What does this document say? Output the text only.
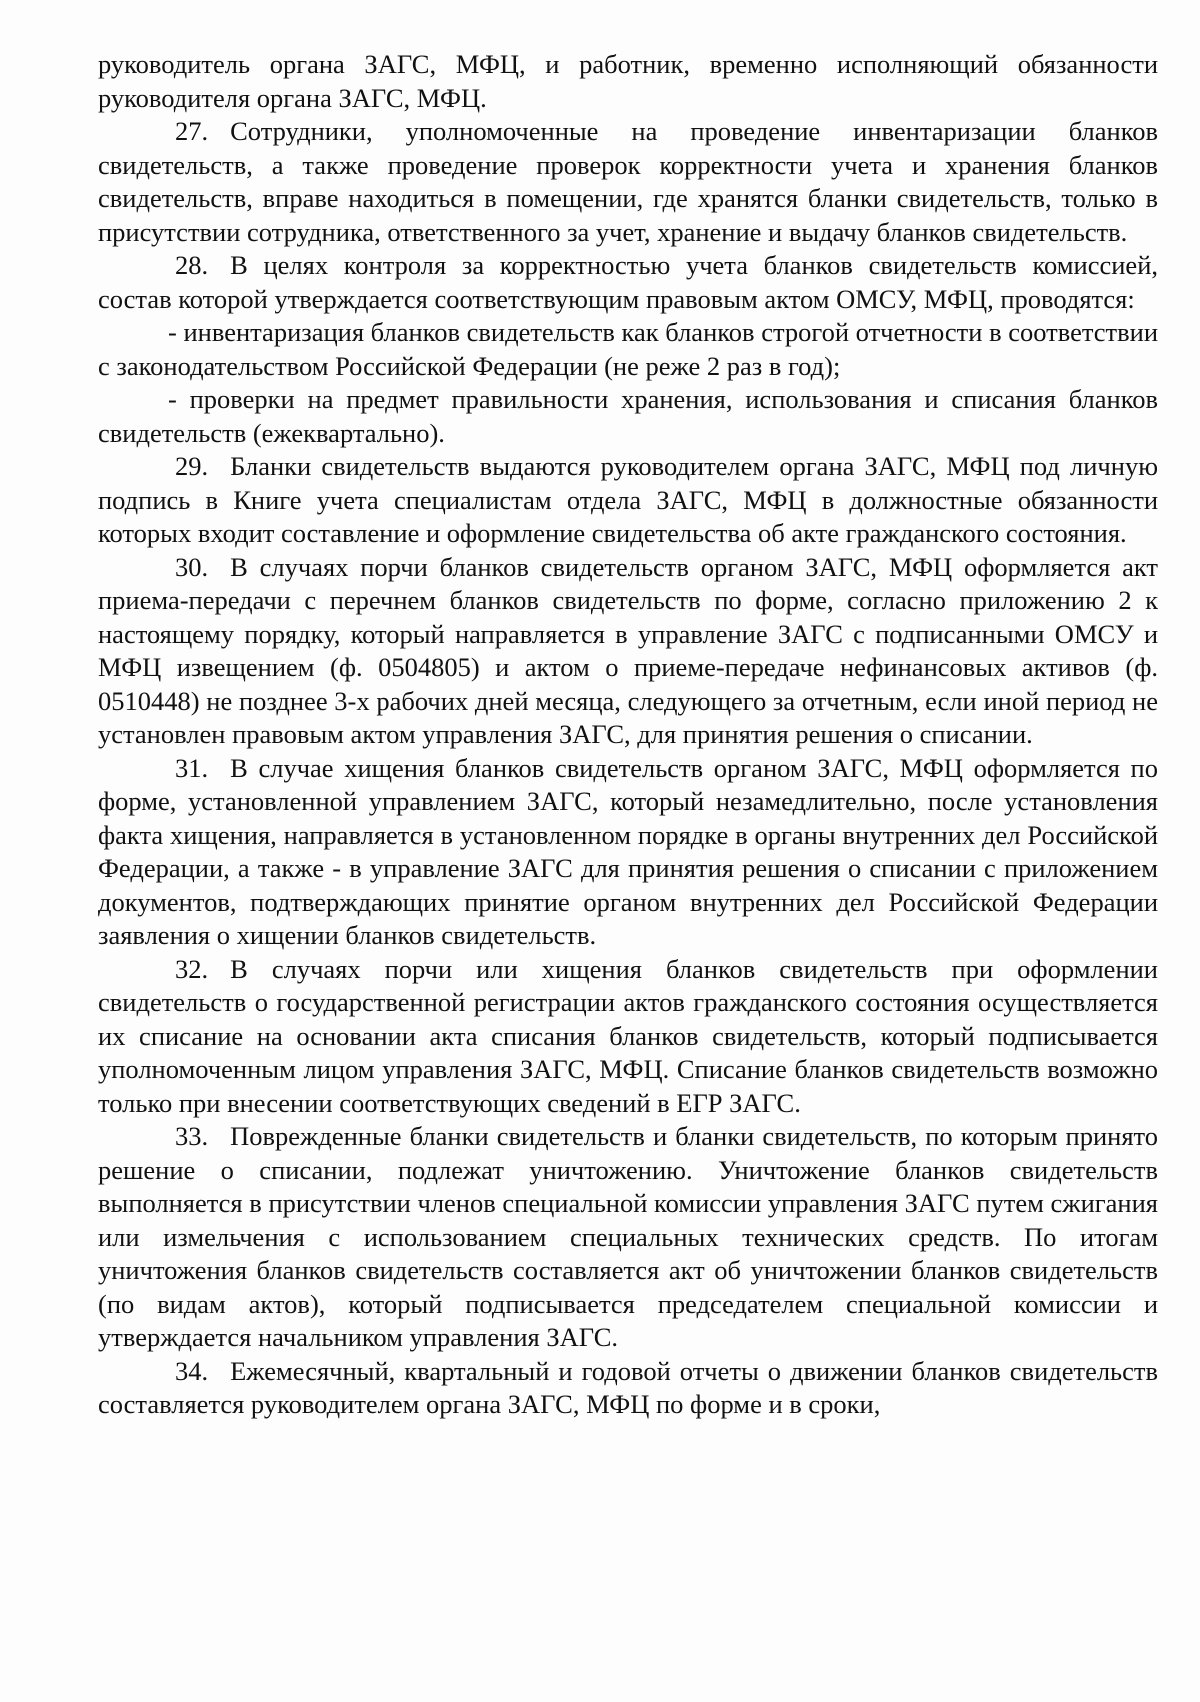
руководитель органа ЗАГС, МФЦ, и работник, временно исполняющий обязанности руководителя органа ЗАГС, МФЦ.

27. Сотрудники, уполномоченные на проведение инвентаризации бланков свидетельств, а также проведение проверок корректности учета и хранения бланков свидетельств, вправе находиться в помещении, где хранятся бланки свидетельств, только в присутствии сотрудника, ответственного за учет, хранение и выдачу бланков свидетельств.

28. В целях контроля за корректностью учета бланков свидетельств комиссией, состав которой утверждается соответствующим правовым актом ОМСУ, МФЦ, проводятся:

- инвентаризация бланков свидетельств как бланков строгой отчетности в соответствии с законодательством Российской Федерации (не реже 2 раз в год);

- проверки на предмет правильности хранения, использования и списания бланков свидетельств (ежеквартально).

29. Бланки свидетельств выдаются руководителем органа ЗАГС, МФЦ под личную подпись в Книге учета специалистам отдела ЗАГС, МФЦ в должностные обязанности которых входит составление и оформление свидетельства об акте гражданского состояния.

30. В случаях порчи бланков свидетельств органом ЗАГС, МФЦ оформляется акт приема-передачи с перечнем бланков свидетельств по форме, согласно приложению 2 к настоящему порядку, который направляется в управление ЗАГС с подписанными ОМСУ и МФЦ извещением (ф. 0504805) и актом о приеме-передаче нефинансовых активов (ф. 0510448) не позднее 3-х рабочих дней месяца, следующего за отчетным, если иной период не установлен правовым актом управления ЗАГС, для принятия решения о списании.

31. В случае хищения бланков свидетельств органом ЗАГС, МФЦ оформляется по форме, установленной управлением ЗАГС, который незамедлительно, после установления факта хищения, направляется в установленном порядке в органы внутренних дел Российской Федерации, а также - в управление ЗАГС для принятия решения о списании с приложением документов, подтверждающих принятие органом внутренних дел Российской Федерации заявления о хищении бланков свидетельств.

32. В случаях порчи или хищения бланков свидетельств при оформлении свидетельств о государственной регистрации актов гражданского состояния осуществляется их списание на основании акта списания бланков свидетельств, который подписывается уполномоченным лицом управления ЗАГС, МФЦ. Списание бланков свидетельств возможно только при внесении соответствующих сведений в ЕГР ЗАГС.

33. Поврежденные бланки свидетельств и бланки свидетельств, по которым принято решение о списании, подлежат уничтожению. Уничтожение бланков свидетельств выполняется в присутствии членов специальной комиссии управления ЗАГС путем сжигания или измельчения с использованием специальных технических средств. По итогам уничтожения бланков свидетельств составляется акт об уничтожении бланков свидетельств (по видам актов), который подписывается председателем специальной комиссии и утверждается начальником управления ЗАГС.

34. Ежемесячный, квартальный и годовой отчеты о движении бланков свидетельств составляется руководителем органа ЗАГС, МФЦ по форме и в сроки,
